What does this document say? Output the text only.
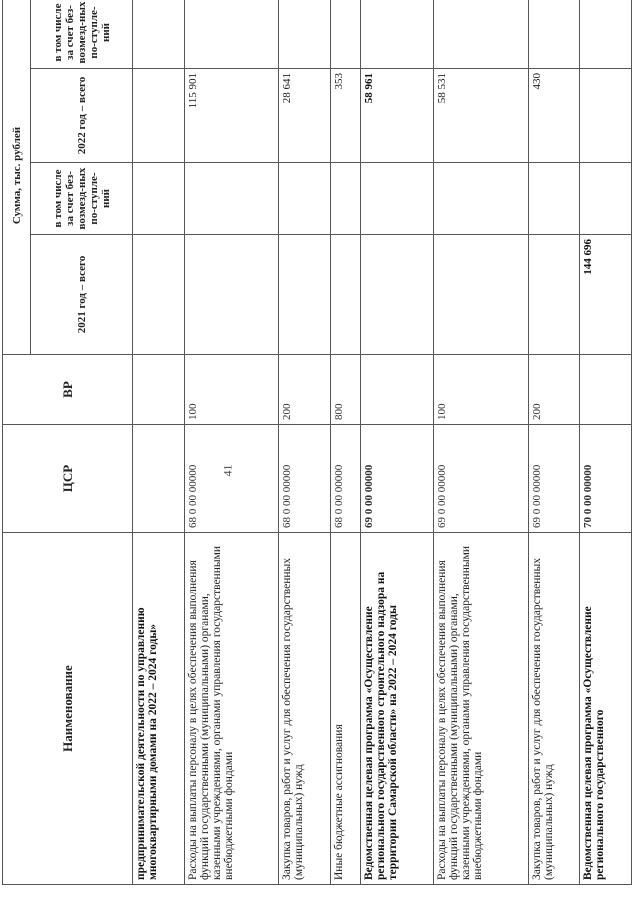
41
Наименование	ЦСР	ВР	Сумма, тыс. рублей			
			2021 год – всего	в том числе за счет без-возмезд-ных по-ступле-ний	2022 год – всего	в том числе за счет без-возмезд-ных по-ступле-ний
предпринимательской деятельности по управлению многоквартирными домами на 2022 – 2024 годы»						
Расходы на выплаты персоналу в целях обеспечения выполнения функций государственными (муниципальными) органами, казенными учреждениями, органами управления государственными внебюджетными фондами	68 0 00 00000	100			115 901	
Закупка товаров, работ и услуг для обеспечения государственных (муниципальных) нужд	68 0 00 00000	200			28 641	
Иные бюджетные ассигнования	68 0 00 00000	800			353	
Ведомственная целевая программа «Осуществление регионального государственного строительного надзора на территории Самарской области» на 2022 – 2024 годы	69 0 00 00000				58 961	
Расходы на выплаты персоналу в целях обеспечения выполнения функций государственными (муниципальными) органами, казенными учреждениями, органами управления государственными внебюджетными фондами	69 0 00 00000	100			58 531	
Закупка товаров, работ и услуг для обеспечения государственных (муниципальных) нужд	69 0 00 00000	200			430	
Ведомственная целевая программа «Осуществление регионального государственного	70 0 00 00000		144 696			
